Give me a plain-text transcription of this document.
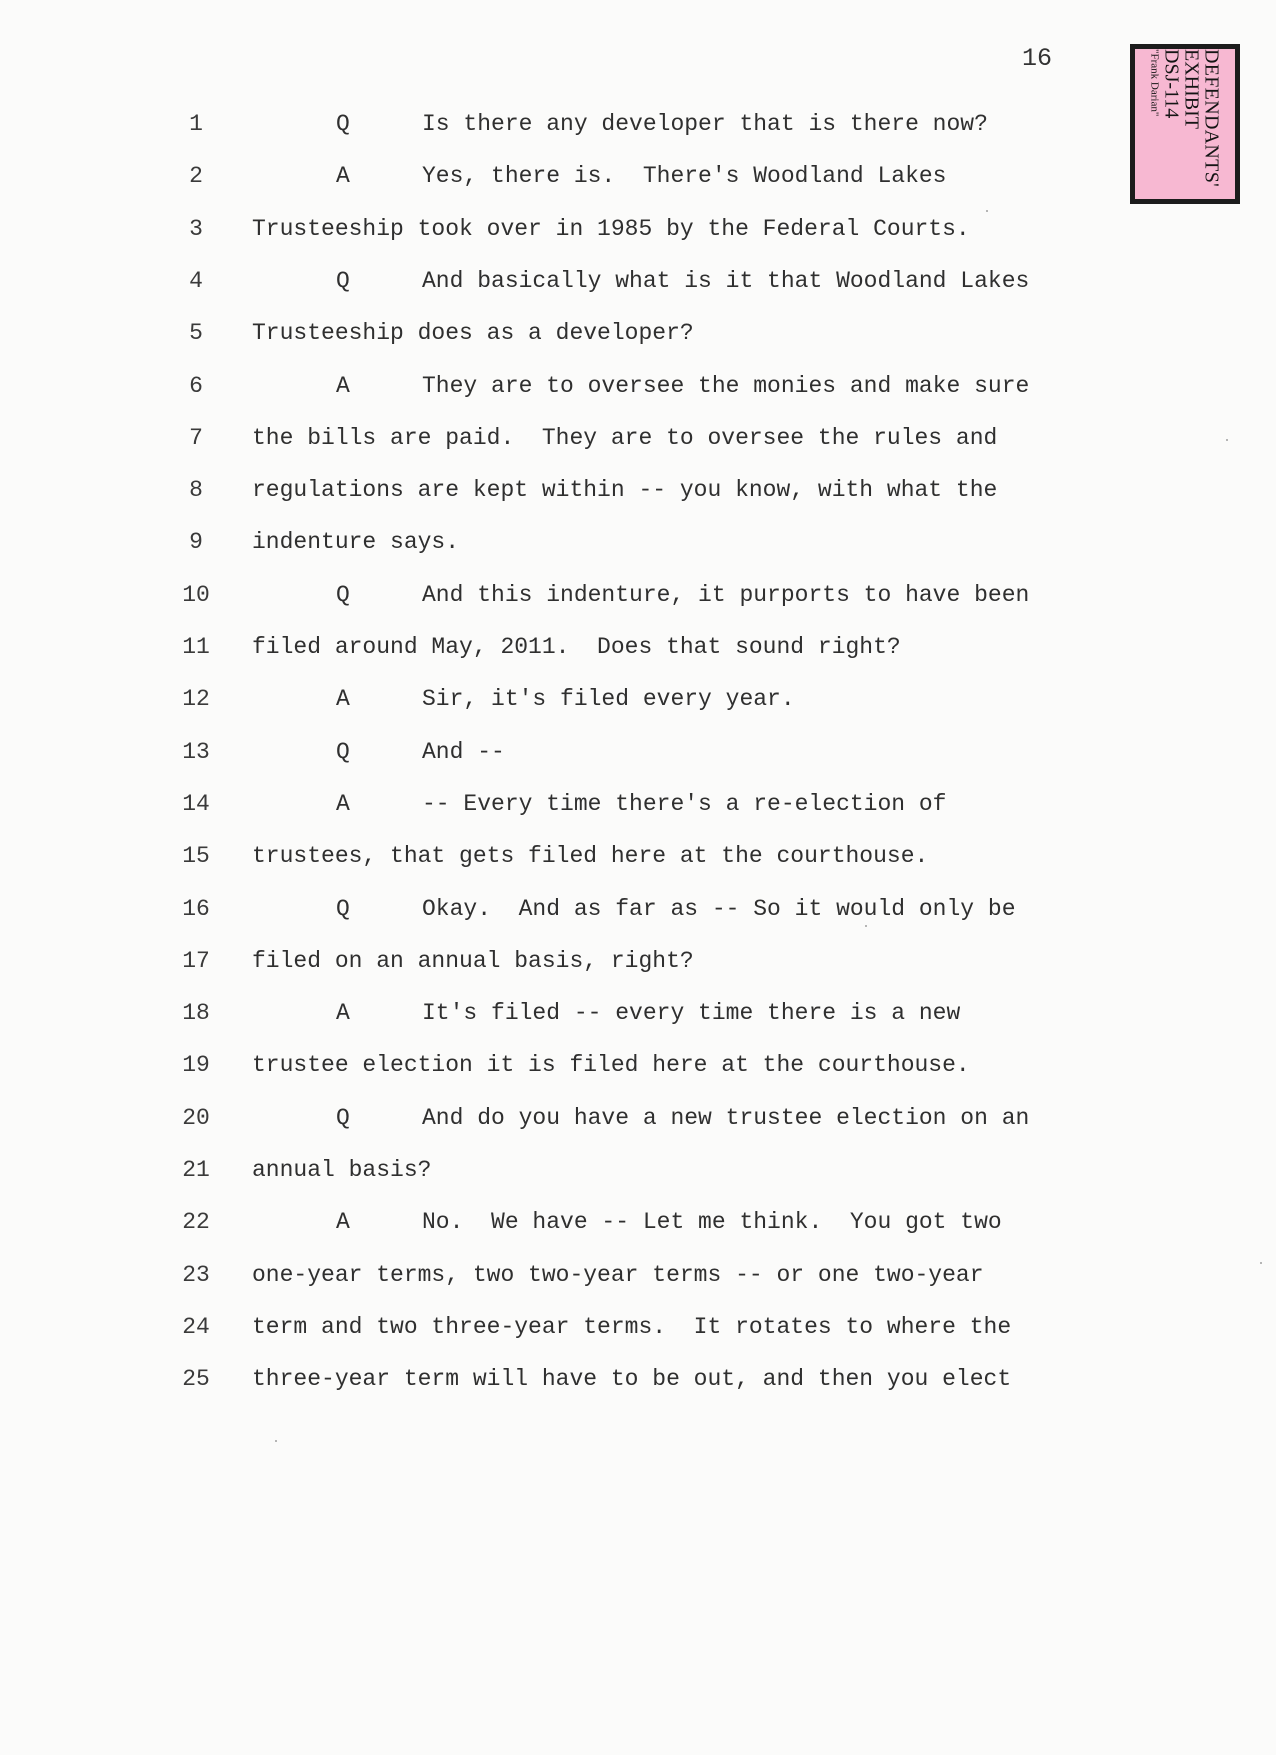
16	DEFENDANTS'
EXHIBIT
DSJ-114
"Frank Darian"
1	Q	Is there any developer that is there now?
2	A	Yes, there is.  There's Woodland Lakes
3	Trusteeship took over in 1985 by the Federal Courts.
4	Q	And basically what is it that Woodland Lakes
5	Trusteeship does as a developer?
6	A	They are to oversee the monies and make sure
7	the bills are paid.  They are to oversee the rules and
8	regulations are kept within -- you know, with what the
9	indenture says.
10	Q	And this indenture, it purports to have been
11	filed around May, 2011.  Does that sound right?
12	A	Sir, it's filed every year.
13	Q	And --
14	A	-- Every time there's a re-election of
15	trustees, that gets filed here at the courthouse.
16	Q	Okay.  And as far as -- So it would only be
17	filed on an annual basis, right?
18	A	It's filed -- every time there is a new
19	trustee election it is filed here at the courthouse.
20	Q	And do you have a new trustee election on an
21	annual basis?
22	A	No.  We have -- Let me think.  You got two
23	one-year terms, two two-year terms -- or one two-year
24	term and two three-year terms.  It rotates to where the
25	three-year term will have to be out, and then you elect
